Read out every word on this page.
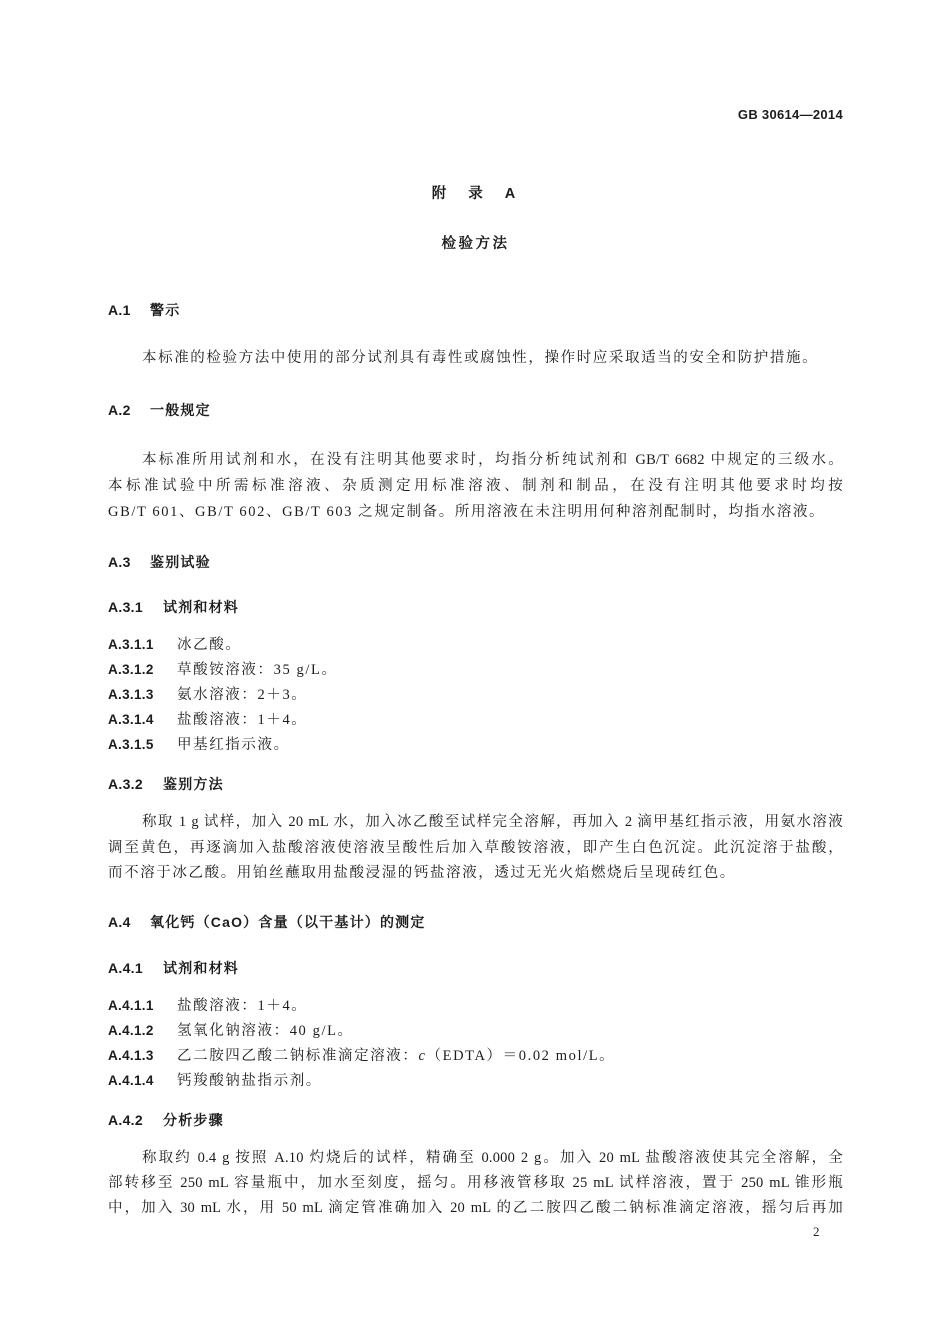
GB 30614—2014
附 录 A
检验方法
A.1 警示
本标准的检验方法中使用的部分试剂具有毒性或腐蚀性，操作时应采取适当的安全和防护措施。
A.2 一般规定
本标准所用试剂和水，在没有注明其他要求时，均指分析纯试剂和 GB/T 6682 中规定的三级水。
本标准试验中所需标准溶液、杂质测定用标准溶液、制剂和制品，在没有注明其他要求时均按
GB/T 601、GB/T 602、GB/T 603 之规定制备。所用溶液在未注明用何种溶剂配制时，均指水溶液。
A.3 鉴别试验
A.3.1 试剂和材料
A.3.1.1 冰乙酸。
A.3.1.2 草酸铵溶液：35 g/L。
A.3.1.3 氨水溶液：2＋3。
A.3.1.4 盐酸溶液：1＋4。
A.3.1.5 甲基红指示液。
A.3.2 鉴别方法
称取 1 g 试样，加入 20 mL 水，加入冰乙酸至试样完全溶解，再加入 2 滴甲基红指示液，用氨水溶液
调至黄色，再逐滴加入盐酸溶液使溶液呈酸性后加入草酸铵溶液，即产生白色沉淀。此沉淀溶于盐酸，
而不溶于冰乙酸。用铂丝蘸取用盐酸浸湿的钙盐溶液，透过无光火焰燃烧后呈现砖红色。
A.4 氧化钙（CaO）含量（以干基计）的测定
A.4.1 试剂和材料
A.4.1.1 盐酸溶液：1＋4。
A.4.1.2 氢氧化钠溶液：40 g/L。
A.4.1.3 乙二胺四乙酸二钠标准滴定溶液：c（EDTA）＝0.02 mol/L。
A.4.1.4 钙羧酸钠盐指示剂。
A.4.2 分析步骤
称取约 0.4 g 按照 A.10 灼烧后的试样，精确至 0.000 2 g。加入 20 mL 盐酸溶液使其完全溶解，全
部转移至 250 mL 容量瓶中，加水至刻度，摇匀。用移液管移取 25 mL 试样溶液，置于 250 mL 锥形瓶
中，加入 30 mL 水，用 50 mL 滴定管准确加入 20 mL 的乙二胺四乙酸二钠标准滴定溶液，摇匀后再加
2
